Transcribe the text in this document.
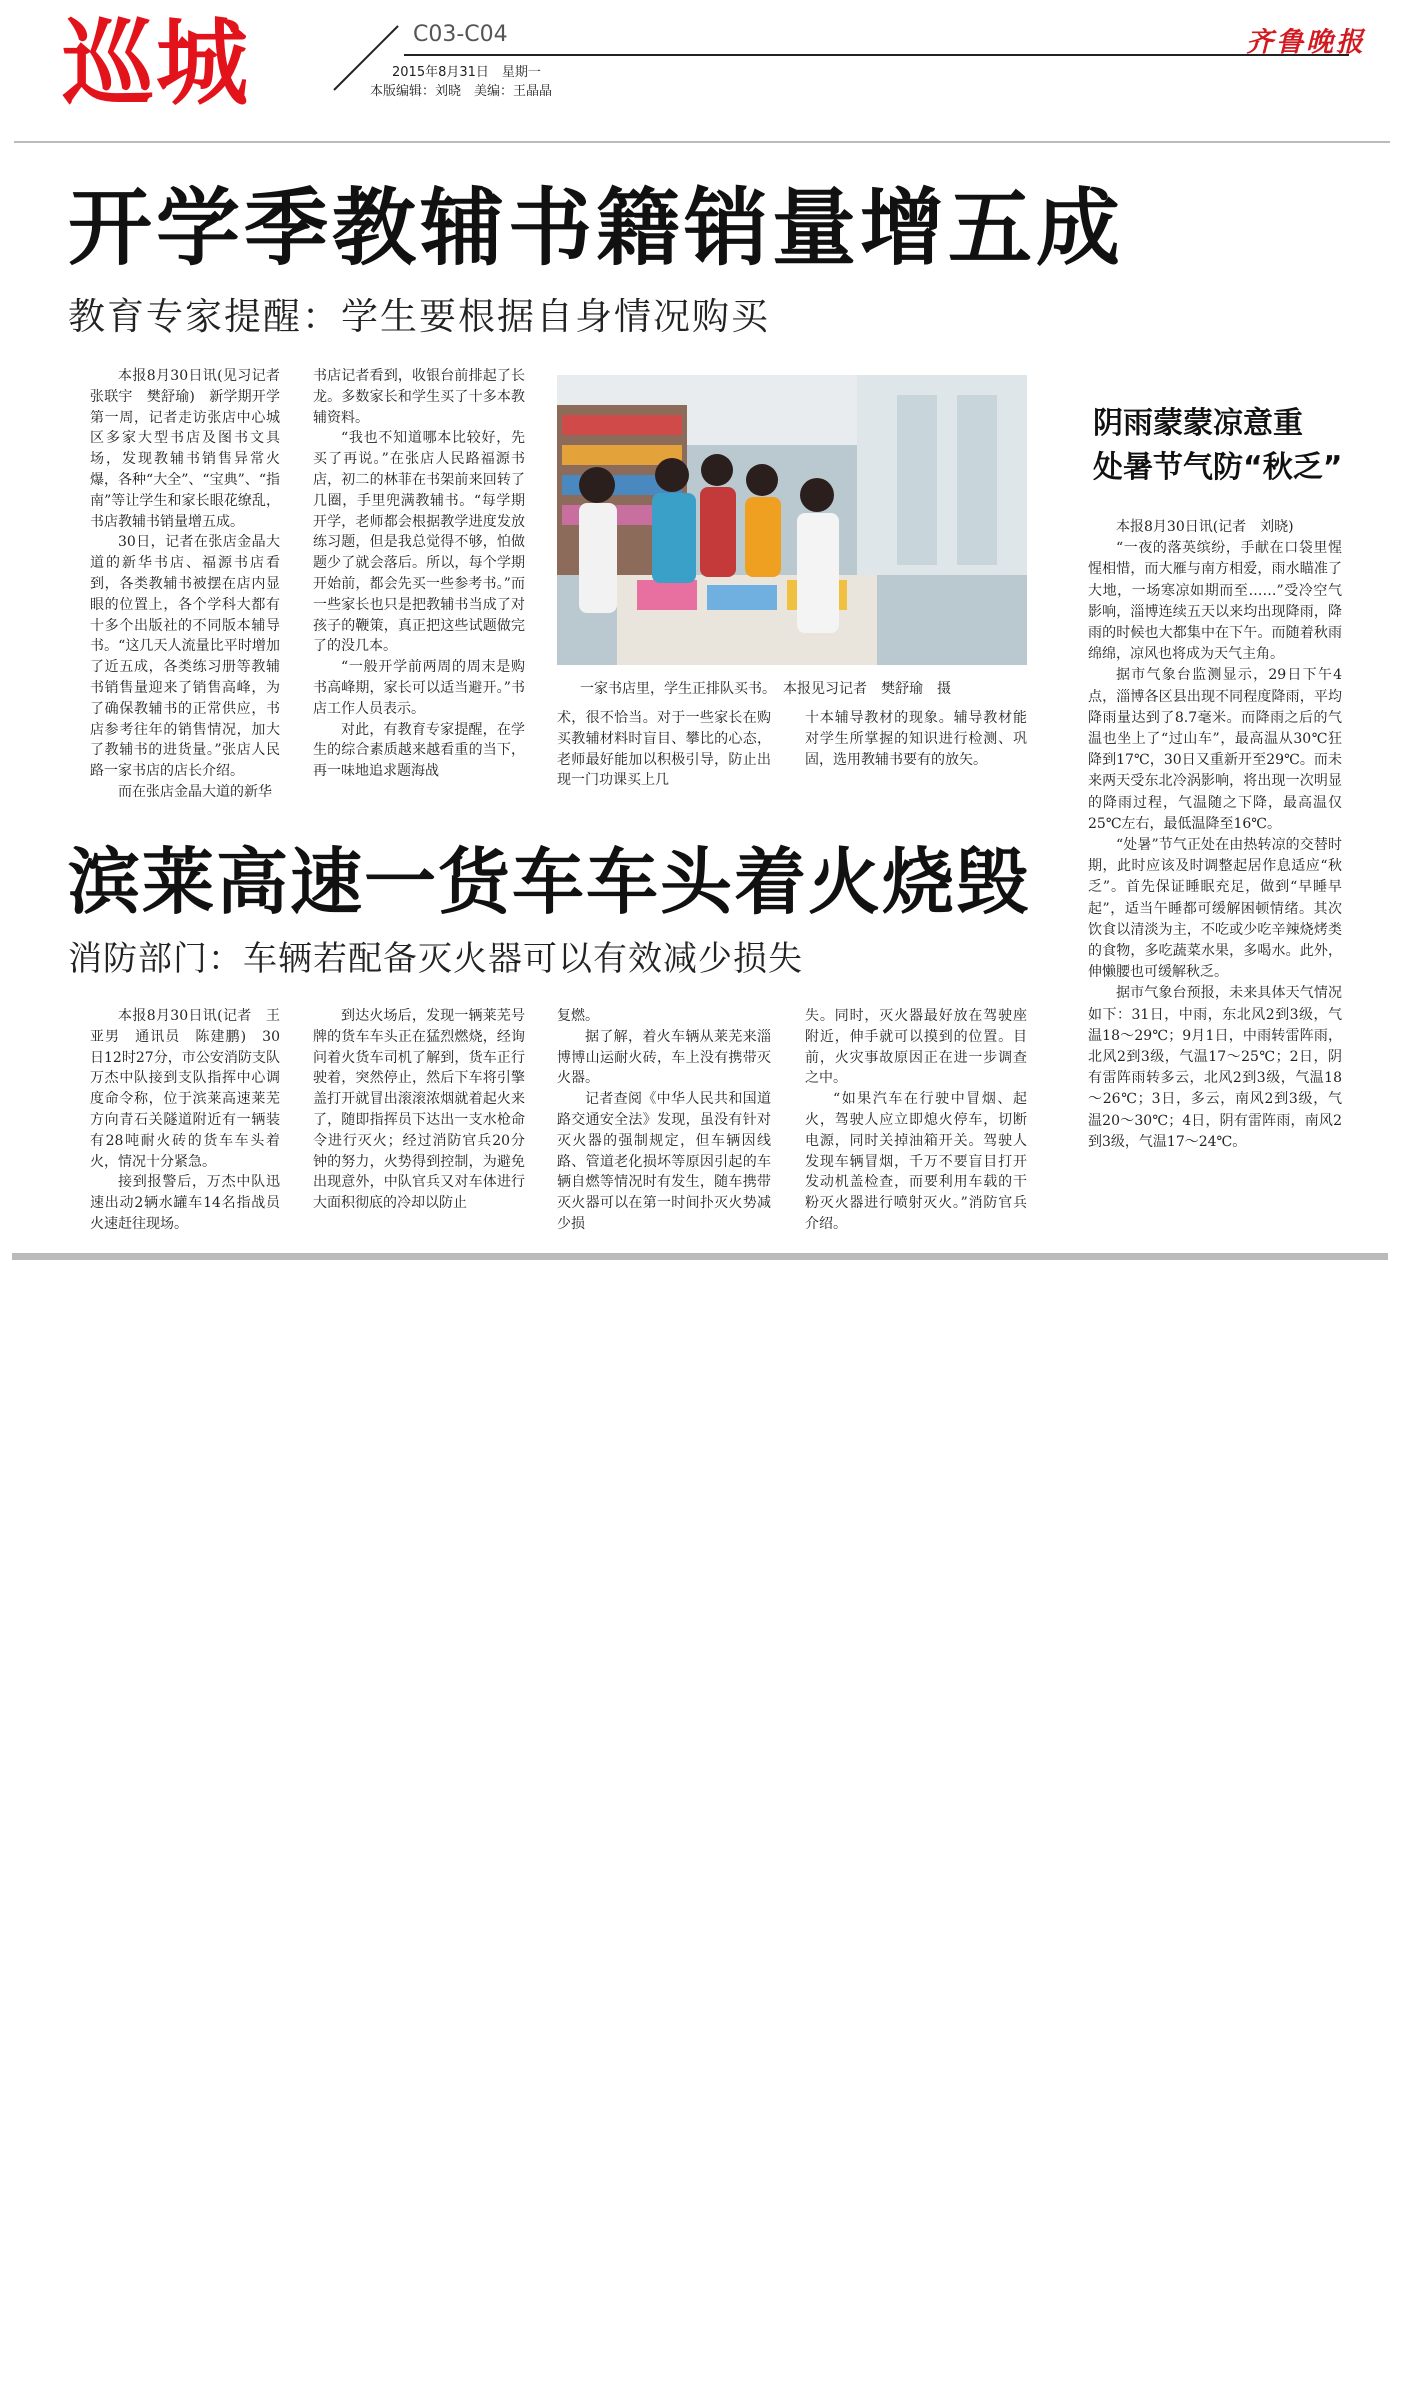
巡城	C03-C04
2015年8月31日　星期一
本版编辑：刘晓　美编：王晶晶
齐鲁晚报
开学季教辅书籍销量增五成
教育专家提醒：学生要根据自身情况购买

本报8月30日讯(见习记者　张联宇　樊舒瑜)　新学期开学第一周，记者走访张店中心城区多家大型书店及图书文具场，发现教辅书销售异常火爆，各种“大全”、“宝典”、“指南”等让学生和家长眼花缭乱，书店教辅书销量增五成。

30日，记者在张店金晶大道的新华书店、福源书店看到，各类教辅书被摆在店内显眼的位置上，各个学科大都有十多个出版社的不同版本辅导书。“这几天人流量比平时增加了近五成，各类练习册等教辅书销售量迎来了销售高峰，为了确保教辅书的正常供应，书店参考往年的销售情况，加大了教辅书的进货量。”张店人民路一家书店的店长介绍。

而在张店金晶大道的新华

书店记者看到，收银台前排起了长龙。多数家长和学生买了十多本教辅资料。

“我也不知道哪本比较好，先买了再说。”在张店人民路福源书店，初二的林菲在书架前来回转了几圈，手里兜满教辅书。“每学期开学，老师都会根据教学进度发放练习题，但是我总觉得不够，怕做题少了就会落后。所以，每个学期开始前，都会先买一些参考书。”而一些家长也只是把教辅书当成了对孩子的鞭策，真正把这些试题做完了的没几本。

“一般开学前两周的周末是购书高峰期，家长可以适当避开。”书店工作人员表示。

对此，有教育专家提醒，在学生的综合素质越来越看重的当下，再一味地追求题海战

一家书店里，学生正排队买书。　本报见习记者　樊舒瑜　摄

术，很不恰当。对于一些家长在购买教辅材料时盲目、攀比的心态，老师最好能加以积极引导，防止出现一门功课买上几

十本辅导教材的现象。辅导教材能对学生所掌握的知识进行检测、巩固，选用教辅书要有的放矢。

滨莱高速一货车车头着火烧毁
消防部门：车辆若配备灭火器可以有效减少损失

本报8月30日讯(记者　王亚男　通讯员　陈建鹏)　30日12时27分，市公安消防支队万杰中队接到支队指挥中心调度命令称，位于滨莱高速莱芜方向青石关隧道附近有一辆装有28吨耐火砖的货车车头着火，情况十分紧急。

接到报警后，万杰中队迅速出动2辆水罐车14名指战员火速赶往现场。

到达火场后，发现一辆莱芜号牌的货车车头正在猛烈燃烧，经询问着火货车司机了解到，货车正行驶着，突然停止，然后下车将引擎盖打开就冒出滚滚浓烟就着起火来了，随即指挥员下达出一支水枪命令进行灭火；经过消防官兵20分钟的努力，火势得到控制，为避免出现意外，中队官兵又对车体进行大面积彻底的冷却以防止

复燃。

据了解，着火车辆从莱芜来淄博博山运耐火砖，车上没有携带灭火器。

记者查阅《中华人民共和国道路交通安全法》发现，虽没有针对灭火器的强制规定，但车辆因线路、管道老化损坏等原因引起的车辆自燃等情况时有发生，随车携带灭火器可以在第一时间扑灭火势减少损

失。同时，灭火器最好放在驾驶座附近，伸手就可以摸到的位置。目前，火灾事故原因正在进一步调查之中。

“如果汽车在行驶中冒烟、起火，驾驶人应立即熄火停车，切断电源，同时关掉油箱开关。驾驶人发现车辆冒烟，千万不要盲目打开发动机盖检查，而要利用车载的干粉灭火器进行喷射灭火。”消防官兵介绍。

阴雨蒙蒙凉意重
处暑节气防“秋乏”

本报8月30日讯(记者　刘晓)

“一夜的落英缤纷，手献在口袋里惺惺相惜，而大雁与南方相爱，雨水瞄准了大地，一场寒凉如期而至……”受冷空气影响，淄博连续五天以来均出现降雨，降雨的时候也大都集中在下午。而随着秋雨绵绵，凉风也将成为天气主角。

据市气象台监测显示，29日下午4点，淄博各区县出现不同程度降雨，平均降雨量达到了8.7毫米。而降雨之后的气温也坐上了“过山车”，最高温从30℃狂降到17℃，30日又重新开至29℃。而未来两天受东北冷涡影响，将出现一次明显的降雨过程，气温随之下降，最高温仅25℃左右，最低温降至16℃。

“处暑”节气正处在由热转凉的交替时期，此时应该及时调整起居作息适应“秋乏”。首先保证睡眠充足，做到“早睡早起”，适当午睡都可缓解困顿情绪。其次饮食以清淡为主，不吃或少吃辛辣烧烤类的食物，多吃蔬菜水果，多喝水。此外，伸懒腰也可缓解秋乏。

据市气象台预报，未来具体天气情况如下：31日，中雨，东北风2到3级，气温18～29℃；9月1日，中雨转雷阵雨，北风2到3级，气温17～25℃；2日，阴有雷阵雨转多云，北风2到3级，气温18～26℃；3日，多云，南风2到3级，气温20～30℃；4日，阴有雷阵雨，南风2到3级，气温17～24℃。
